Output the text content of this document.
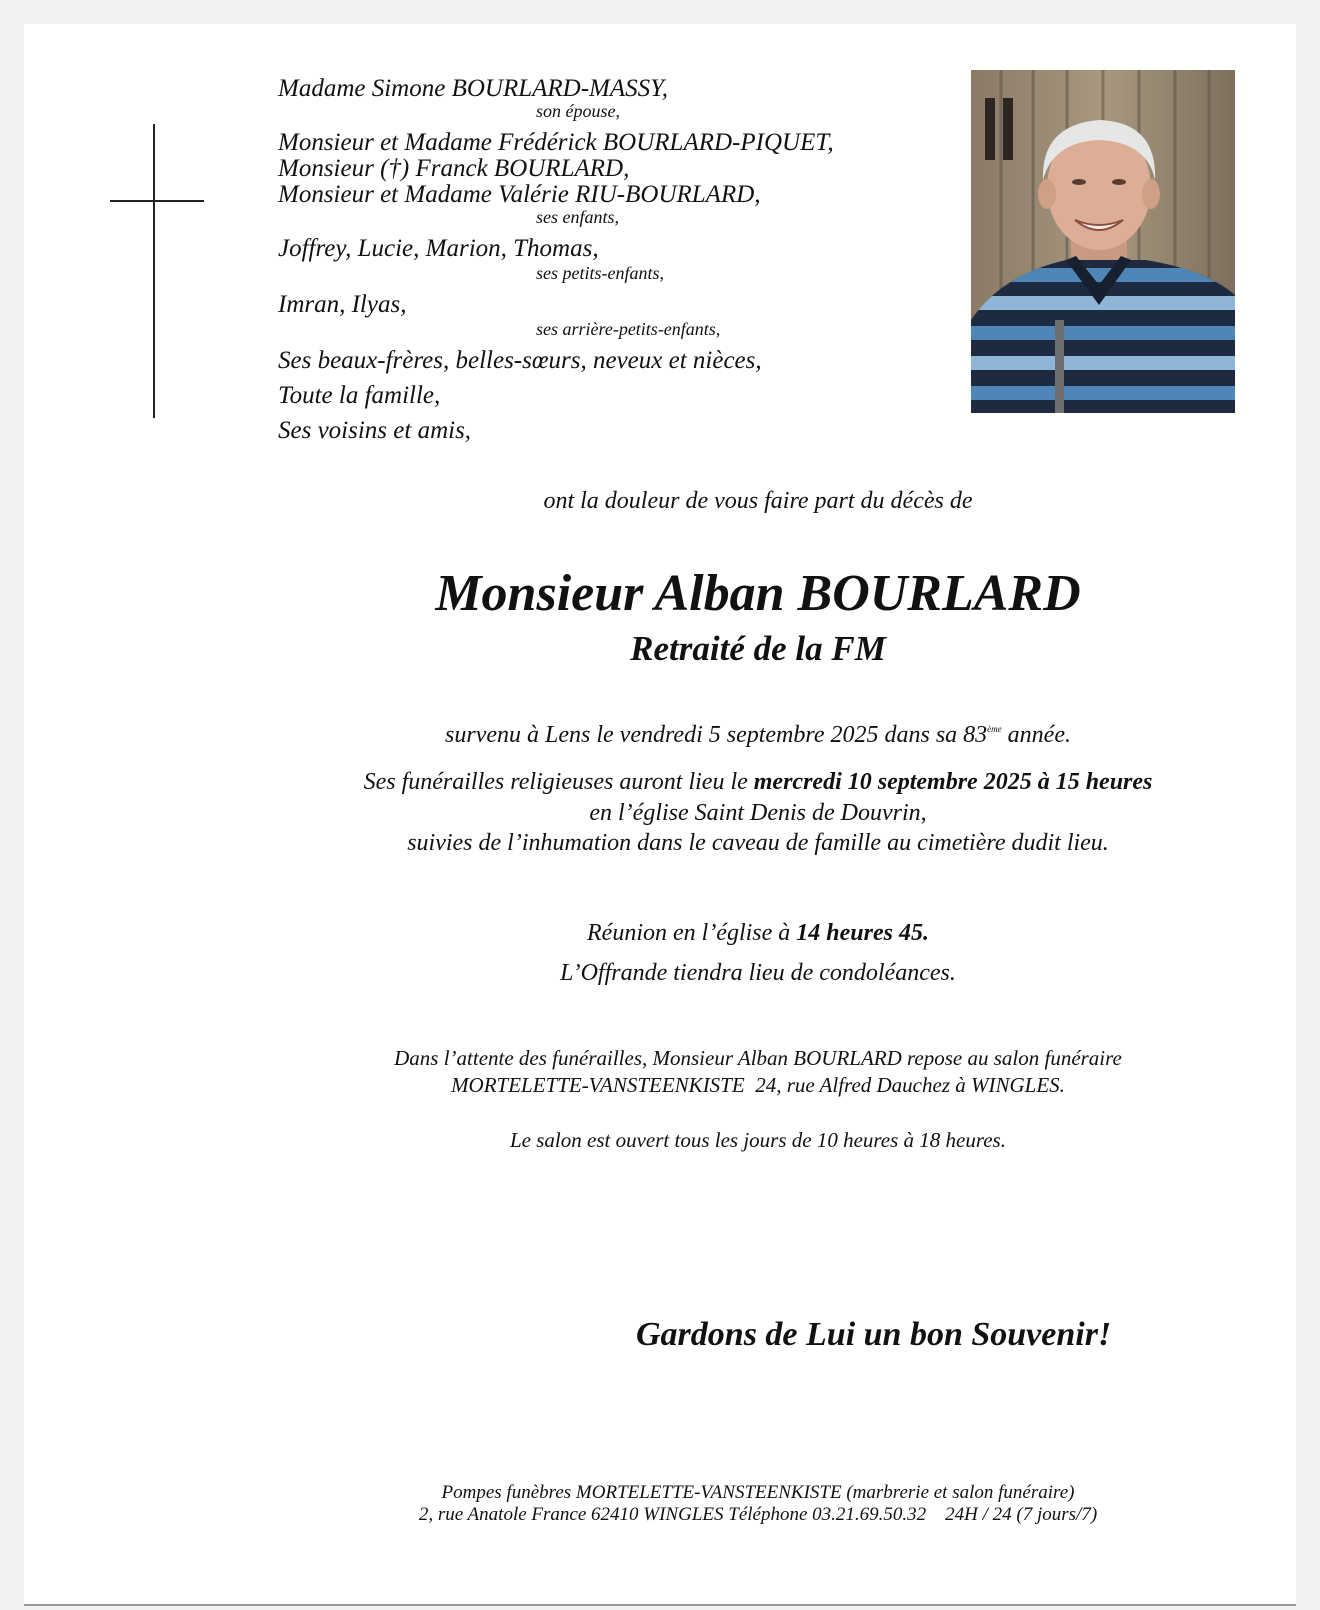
Madame Simone BOURLARD-MASSY,
son épouse,
Monsieur et Madame Frédérick BOURLARD-PIQUET,
Monsieur (†) Franck BOURLARD,
Monsieur et Madame Valérie RIU-BOURLARD,
ses enfants,
Joffrey, Lucie, Marion, Thomas,
ses petits-enfants,
Imran, Ilyas,
ses arrière-petits-enfants,
Ses beaux-frères, belles-sœurs, neveux et nièces,
Toute la famille,
Ses voisins et amis,
ont la douleur de vous faire part du décès de
Monsieur Alban BOURLARD
Retraité de la FM
survenu à Lens le vendredi 5 septembre 2025 dans sa 83ème année.
Ses funérailles religieuses auront lieu le mercredi 10 septembre 2025 à 15 heures
en l’église Saint Denis de Douvrin,
suivies de l’inhumation dans le caveau de famille au cimetière dudit lieu.
Réunion en l’église à 14 heures 45.
L’Offrande tiendra lieu de condoléances.
Dans l’attente des funérailles, Monsieur Alban BOURLARD repose au salon funéraire
MORTELETTE-VANSTEENKISTE  24, rue Alfred Dauchez à WINGLES.
Le salon est ouvert tous les jours de 10 heures à 18 heures.
Gardons de Lui un bon Souvenir!
Pompes funèbres MORTELETTE-VANSTEENKISTE (marbrerie et salon funéraire)
2, rue Anatole France 62410 WINGLES Téléphone 03.21.69.50.32    24H / 24 (7 jours/7)
